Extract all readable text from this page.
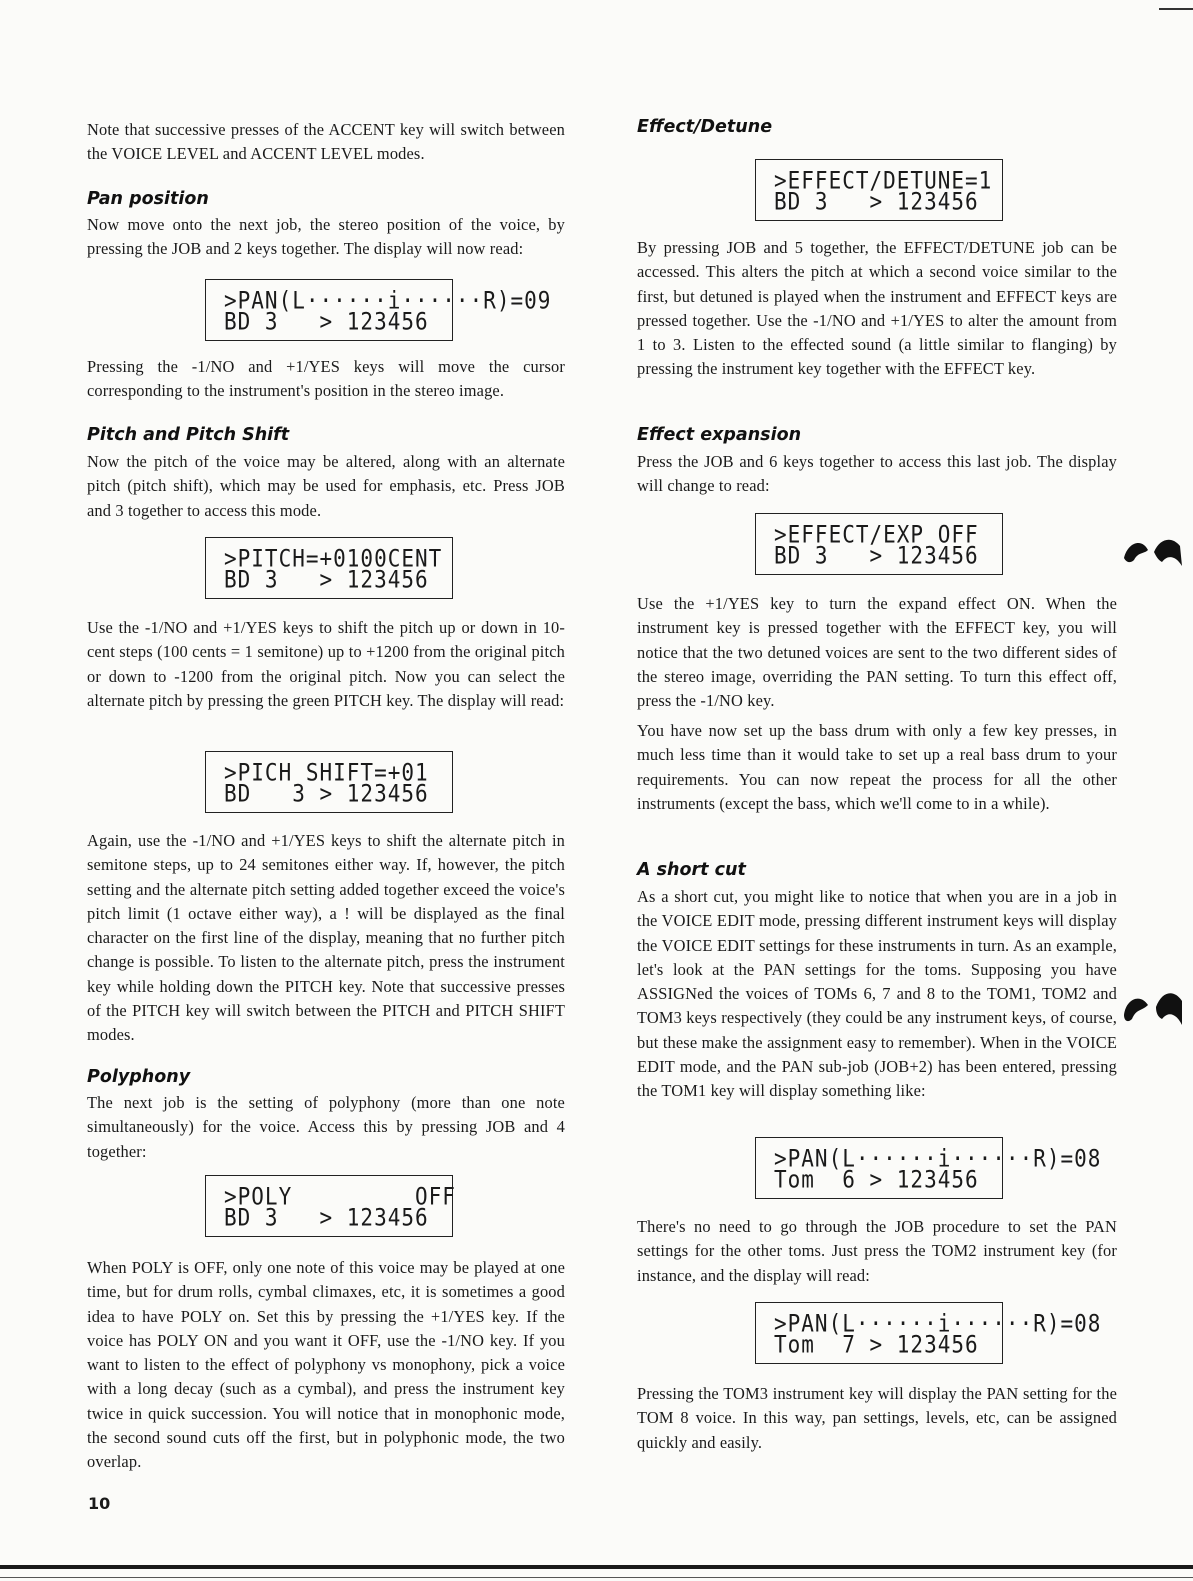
Note that successive presses of the ACCENT key will switch between the VOICE LEVEL and ACCENT LEVEL modes.

Pan position

Now move onto the next job, the stereo position of the voice, by pressing the JOB and 2 keys together. The display will now read:

>PAN(L······i······R)=09
BD 3   > 123456

Pressing the -1/NO and +1/YES keys will move the cursor corresponding to the instrument's position in the stereo image.

Pitch and Pitch Shift

Now the pitch of the voice may be altered, along with an alternate pitch (pitch shift), which may be used for emphasis, etc. Press JOB and 3 together to access this mode.

>PITCH=+0100CENT
BD 3   > 123456

Use the -1/NO and +1/YES keys to shift the pitch up or down in 10-cent steps (100 cents = 1 semitone) up to +1200 from the original pitch or down to -1200 from the original pitch. Now you can select the alternate pitch by pressing the green PITCH key. The display will read:

>PICH SHIFT=+01
BD   3 > 123456

Again, use the -1/NO and +1/YES keys to shift the alternate pitch in semitone steps, up to 24 semitones either way. If, however, the pitch setting and the alternate pitch setting added together exceed the voice's pitch limit (1 octave either way), a ! will be displayed as the final character on the first line of the display, meaning that no further pitch change is possible. To listen to the alternate pitch, press the instrument key while holding down the PITCH key. Note that successive presses of the PITCH key will switch between the PITCH and PITCH SHIFT modes.

Polyphony

The next job is the setting of polyphony (more than one note simultaneously) for the voice. Access this by pressing JOB and 4 together:

>POLY         OFF
BD 3   > 123456

When POLY is OFF, only one note of this voice may be played at one time, but for drum rolls, cymbal climaxes, etc, it is sometimes a good idea to have POLY on. Set this by pressing the +1/YES key. If the voice has POLY ON and you want it OFF, use the -1/NO key. If you want to listen to the effect of polyphony vs monophony, pick a voice with a long decay (such as a cymbal), and press the instrument key twice in quick succession. You will notice that in monophonic mode, the second sound cuts off the first, but in polyphonic mode, the two overlap.

Effect/Detune
>EFFECT/DETUNE=1
BD 3   > 123456

By pressing JOB and 5 together, the EFFECT/DETUNE job can be accessed. This alters the pitch at which a second voice similar to the first, but detuned is played when the instrument and EFFECT keys are pressed together. Use the -1/NO and +1/YES to alter the amount from 1 to 3. Listen to the effected sound (a little similar to flanging) by pressing the instrument key together with the EFFECT key.

Effect expansion

Press the JOB and 6 keys together to access this last job. The display will change to read:

>EFFECT/EXP OFF
BD 3   > 123456

Use the +1/YES key to turn the expand effect ON. When the instrument key is pressed together with the EFFECT key, you will notice that the two detuned voices are sent to the two different sides of the stereo image, overriding the PAN setting. To turn this effect off, press the -1/NO key.

You have now set up the bass drum with only a few key presses, in much less time than it would take to set up a real bass drum to your requirements. You can now repeat the process for all the other instruments (except the bass, which we'll come to in a while).

A short cut

As a short cut, you might like to notice that when you are in a job in the VOICE EDIT mode, pressing different instrument keys will display the VOICE EDIT settings for these instruments in turn. As an example, let's look at the PAN settings for the toms. Supposing you have ASSIGNed the voices of TOMs 6, 7 and 8 to the TOM1, TOM2 and TOM3 keys respectively (they could be any instrument keys, of course, but these make the assignment easy to remember). When in the VOICE EDIT mode, and the PAN sub-job (JOB+2) has been entered, pressing the TOM1 key will display something like:

>PAN(L······i······R)=08
Tom  6 > 123456

There's no need to go through the JOB procedure to set the PAN settings for the other toms. Just press the TOM2 instrument key (for instance, and the display will read:

>PAN(L······i······R)=08
Tom  7 > 123456

Pressing the TOM3 instrument key will display the PAN setting for the TOM 8 voice. In this way, pan settings, levels, etc, can be assigned quickly and easily.

10
